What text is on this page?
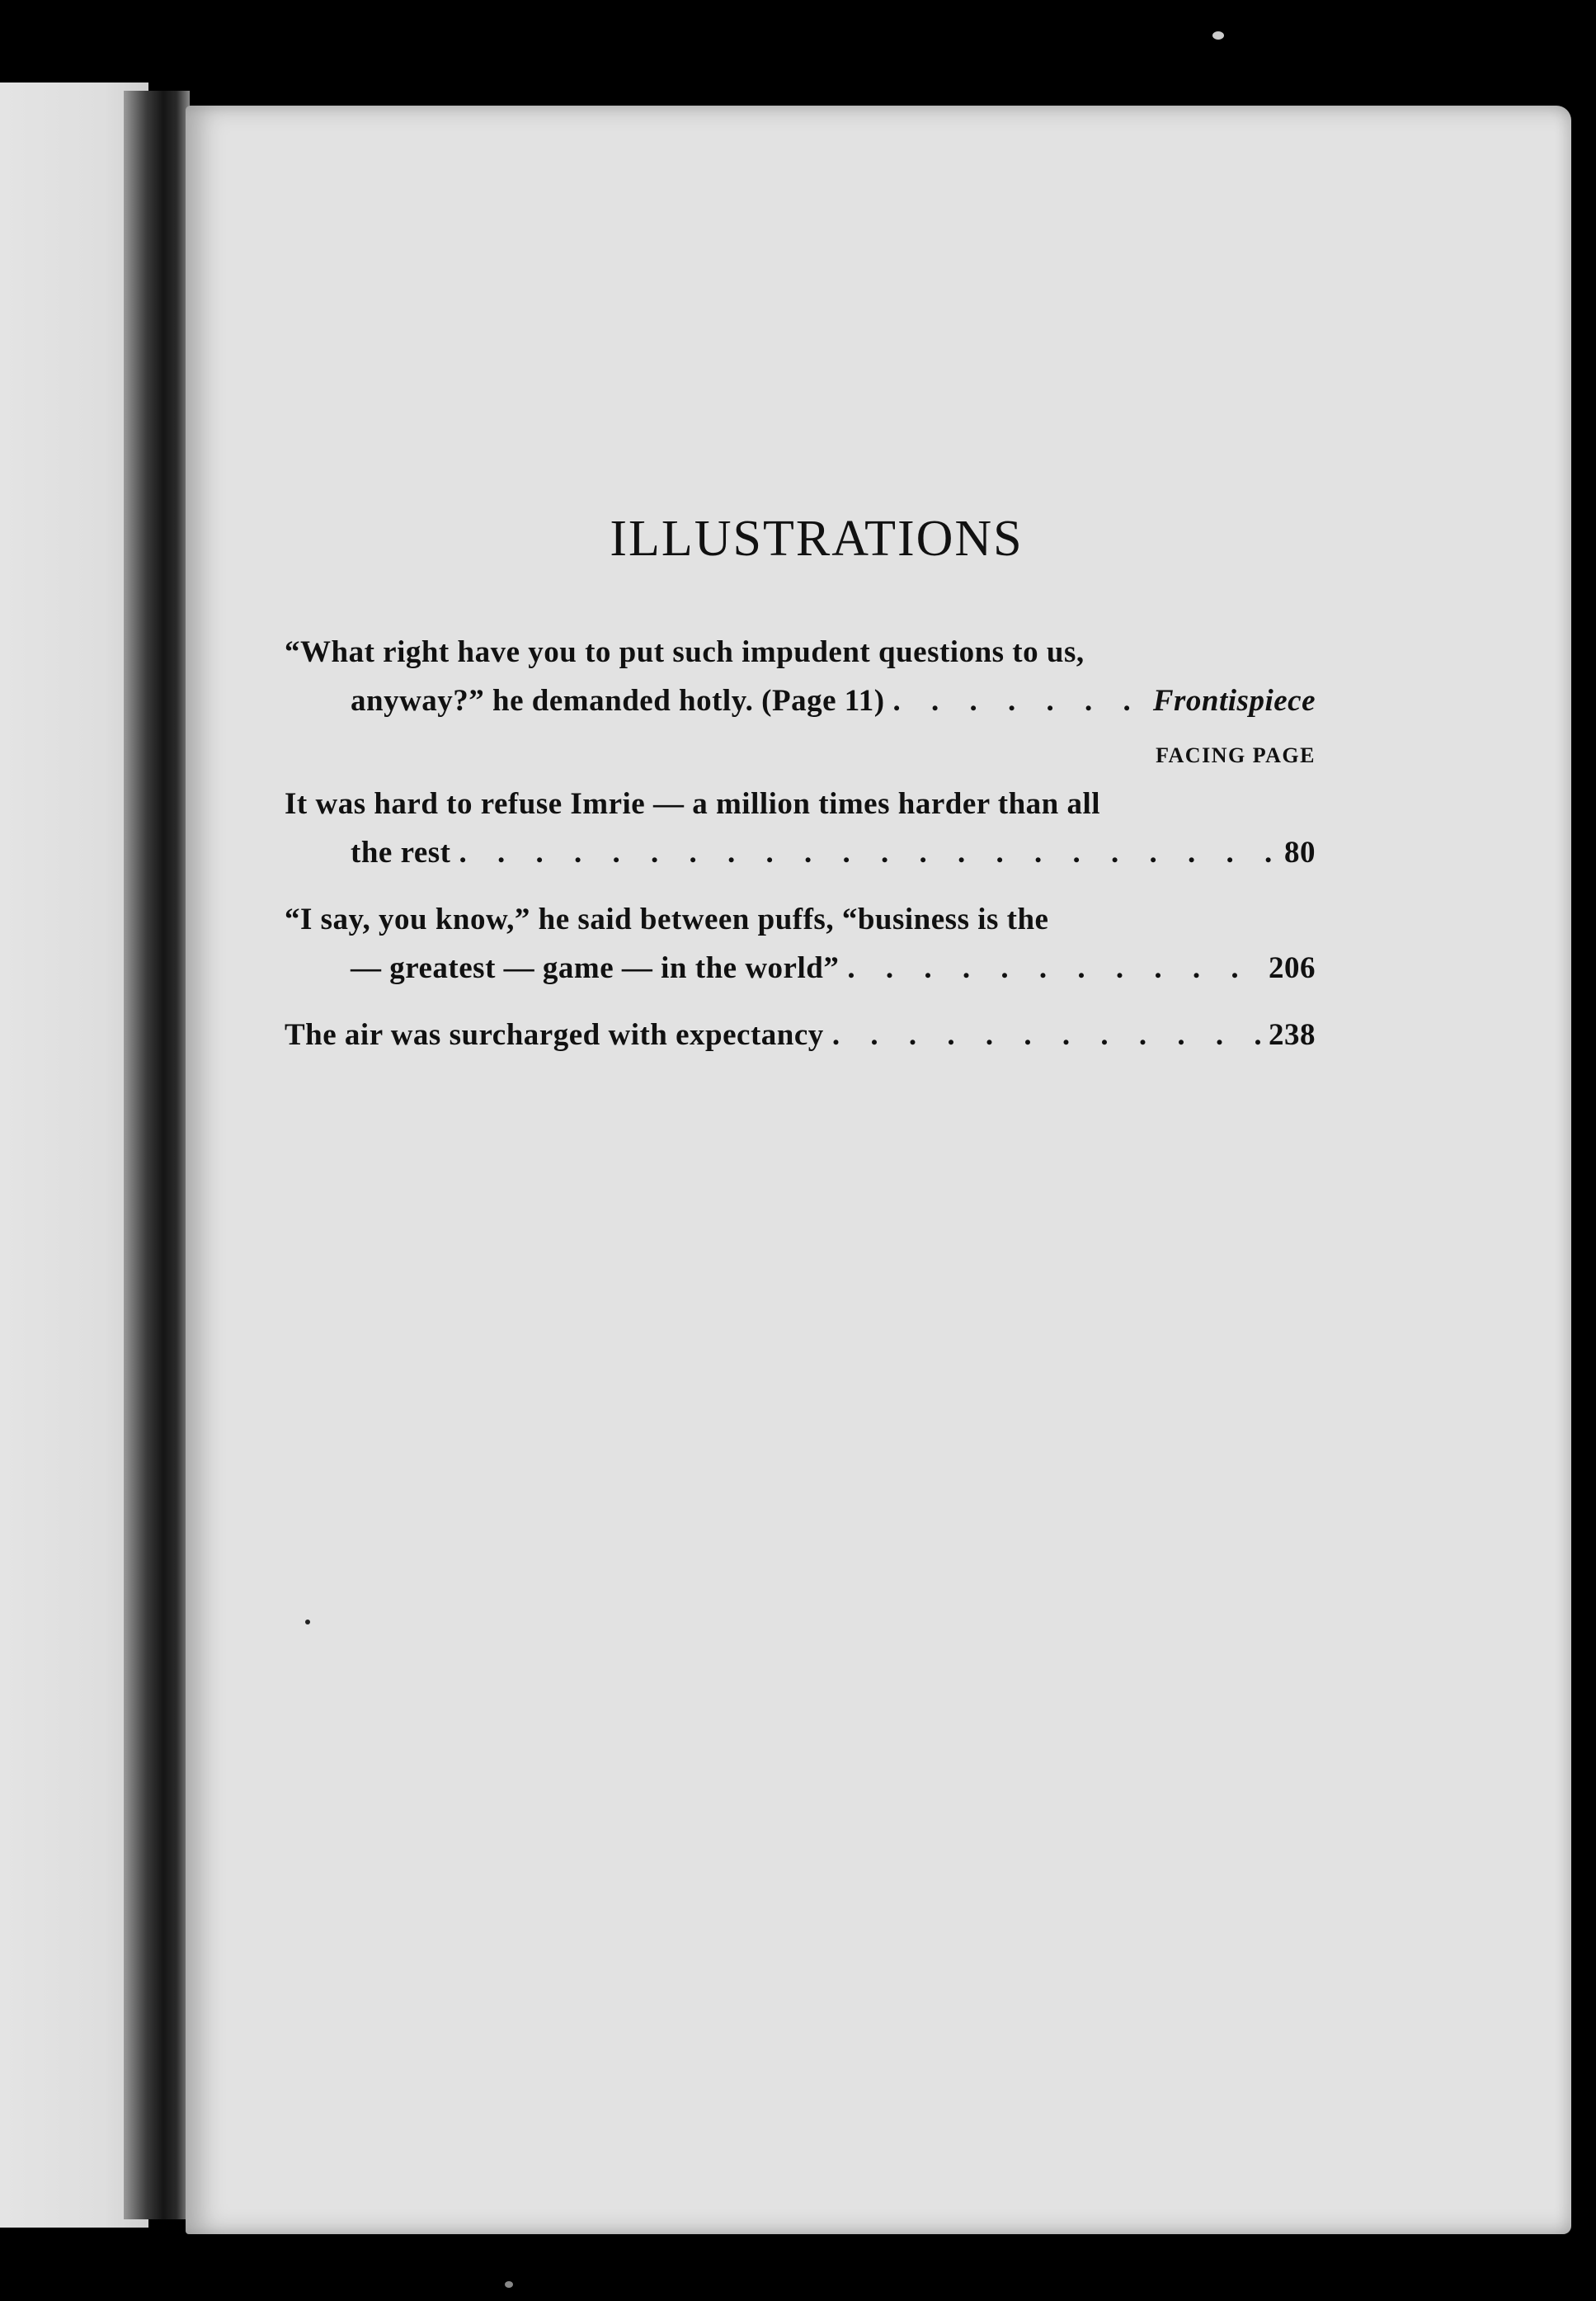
ILLUSTRATIONS
“What right have you to put such impudent questions to us,
anyway?” he demanded hotly. (Page 11) . . .	Frontispiece
FACING PAGE
It was hard to refuse Imrie — a million times harder than all
the rest . . .	80
“I say, you know,” he said between puffs, “business is the
— greatest — game — in the world” . . .	206
The air was surcharged with expectancy . . .	238
